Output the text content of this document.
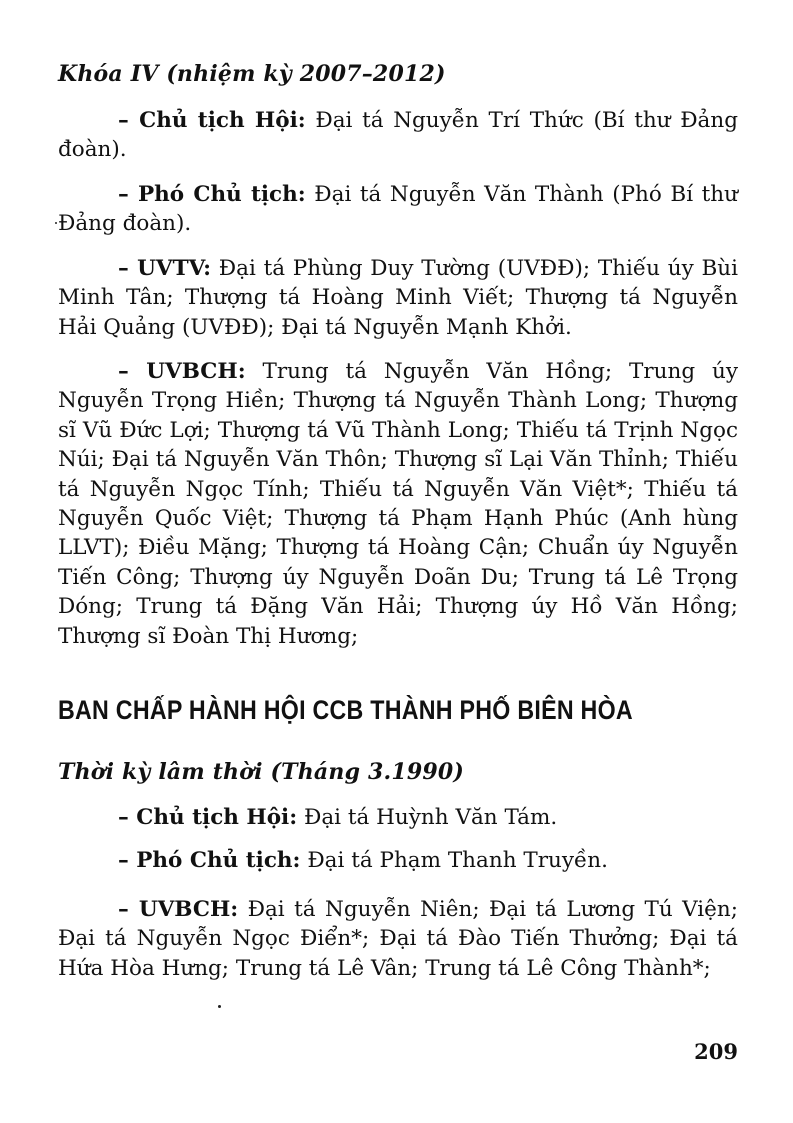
Khóa IV (nhiệm kỳ 2007–2012)
– Chủ tịch Hội: Đại tá Nguyễn Trí Thức (Bí thư Đảng đoàn).
– Phó Chủ tịch: Đại tá Nguyễn Văn Thành (Phó Bí thư Đảng đoàn).
– UVTV: Đại tá Phùng Duy Tường (UVĐĐ); Thiếu úy Bùi Minh Tân; Thượng tá Hoàng Minh Viết; Thượng tá Nguyễn Hải Quảng (UVĐĐ); Đại tá Nguyễn Mạnh Khởi.
– UVBCH: Trung tá Nguyễn Văn Hồng; Trung úy Nguyễn Trọng Hiền; Thượng tá Nguyễn Thành Long; Thượng sĩ Vũ Đức Lợi; Thượng tá Vũ Thành Long; Thiếu tá Trịnh Ngọc Núi; Đại tá Nguyễn Văn Thôn; Thượng sĩ Lại Văn Thỉnh; Thiếu tá Nguyễn Ngọc Tính; Thiếu tá Nguyễn Văn Việt*; Thiếu tá Nguyễn Quốc Việt; Thượng tá Phạm Hạnh Phúc (Anh hùng LLVT); Điều Mặng; Thượng tá Hoàng Cận; Chuẩn úy Nguyễn Tiến Công; Thượng úy Nguyễn Doãn Du; Trung tá Lê Trọng Dóng; Trung tá Đặng Văn Hải; Thượng úy Hồ Văn Hồng; Thượng sĩ Đoàn Thị Hương;
BAN CHẤP HÀNH HỘI CCB THÀNH PHỐ BIÊN HÒA
Thời kỳ lâm thời (Tháng 3.1990)
– Chủ tịch Hội: Đại tá Huỳnh Văn Tám.
– Phó Chủ tịch: Đại tá Phạm Thanh Truyền.
– UVBCH: Đại tá Nguyễn Niên; Đại tá Lương Tú Viện; Đại tá Nguyễn Ngọc Điển*; Đại tá Đào Tiến Thưởng; Đại tá Hứa Hòa Hưng; Trung tá Lê Vân; Trung tá Lê Công Thành*;
209
